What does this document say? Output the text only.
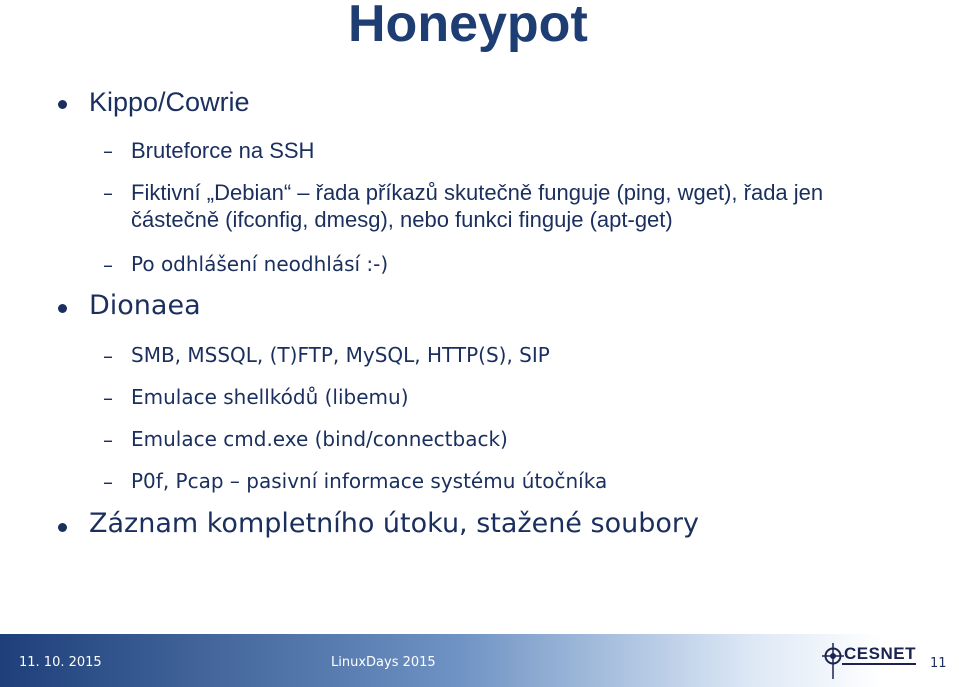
Honeypot
Kippo/Cowrie
– Bruteforce na SSH
– Fiktivní „Debian“ – řada příkazů skutečně funguje (ping, wget), řada jen
částečně (ifconfig, dmesg), nebo funkci finguje (apt-get)
– Po odhlášení neodhlásí :-)
Dionaea
– SMB, MSSQL, (T)FTP, MySQL, HTTP(S), SIP
– Emulace shellkódů (libemu)
– Emulace cmd.exe (bind/connectback)
– P0f, Pcap – pasivní informace systému útočníka
Záznam kompletního útoku, stažené soubory
11. 10. 2015	LinuxDays 2015	CESNET
11
